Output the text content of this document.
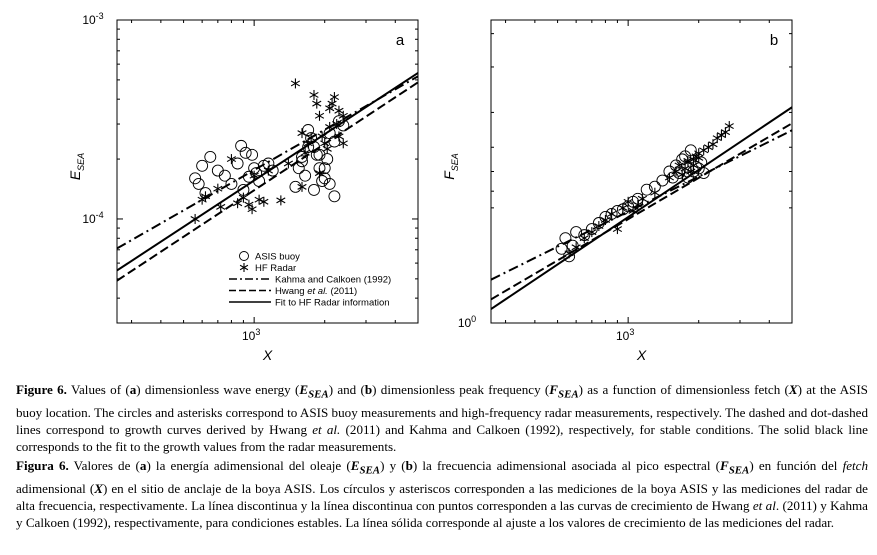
$10^3$
$10^{-4}$
$10^{-3}$
X
$E_{SEA}$
a
ASIS buoy
HF Radar
Kahma and Calkoen (1992)
Hwang et al. (2011)
Fit to HF Radar information
$10^3$
$10^0$
X
$F_{SEA}$
b
Figure 6. Values of (a) dimensionless wave energy $(E_{SEA})$ and (b) dimensionless peak frequency $(F_{SEA})$ as a function of dimensionless fetch (X) at the ASIS buoy location. The circles and asterisks correspond to ASIS buoy measurements and high-frequency radar measurements, respectively. The dashed and dot-dashed lines correspond to growth curves derived by Hwang et al. (2011) and Kahma and Calkoen (1992), respectively, for stable conditions. The solid black line corresponds to the fit to the growth values from the radar measurements.
Figura 6. Valores de (a) la energía adimensional del oleaje $(E_{SEA})$ y (b) la frecuencia adimensional asociada al pico espectral $(F_{SEA})$ en función del fetch adimensional (X) en el sitio de anclaje de la boya ASIS. Los círculos y asteriscos corresponden a las mediciones de la boya ASIS y las mediciones del radar de alta frecuencia, respectivamente. La línea discontinua y la línea discontinua con puntos corresponden a las curvas de crecimiento de Hwang et al. (2011) y Kahma y Calkoen (1992), respectivamente, para condiciones estables. La línea sólida corresponde al ajuste a los valores de crecimiento de las mediciones del radar.
